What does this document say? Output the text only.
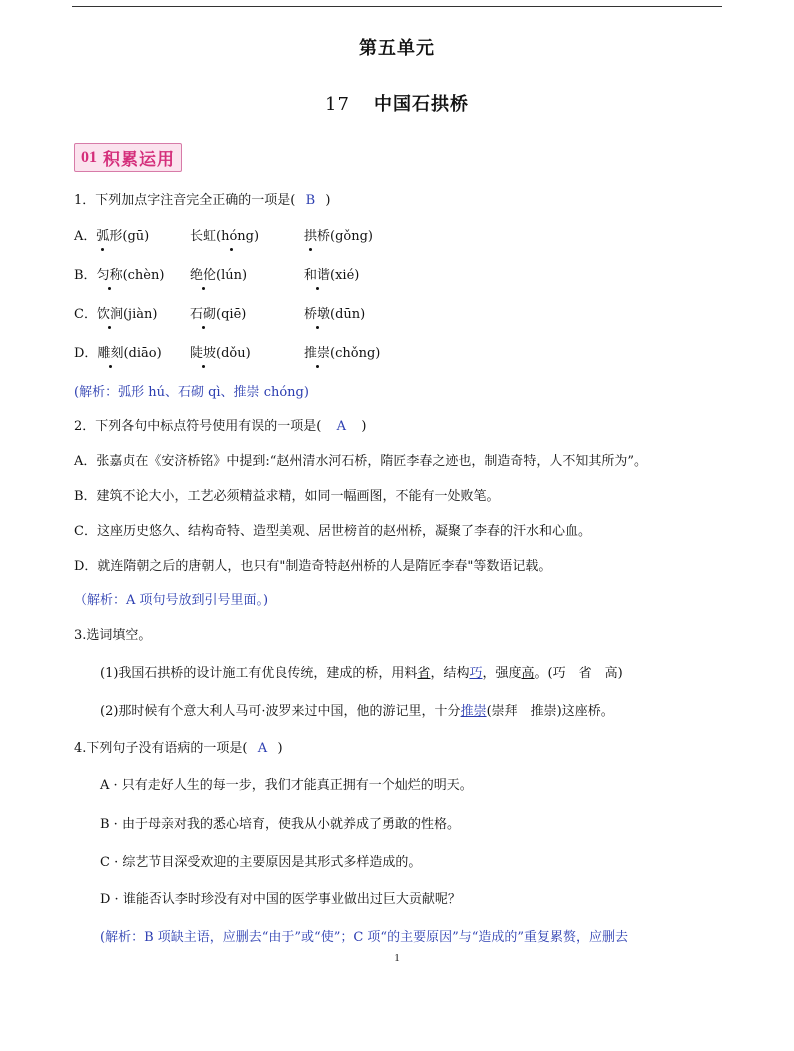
第五单元
17 中国石拱桥
01 积累运用
1．下列加点字注音完全正确的一项是( B )
A．弧形(gū)	长虹(hóng)	拱桥(gǒng)
B．匀称(chèn) 绝伦(lún)	和谐(xié)
C．饮涧(jiàn)	石砌(qiē)	桥墩(dūn)
D．雕刻(diāo) 陡坡(dǒu)	推崇(chǒng)
(解析：弧形 hú、石砌 qì、推崇 chóng)
2．下列各句中标点符号使用有误的一项是( A )
A．张嘉贞在《安济桥铭》中提到:“赵州清水河石桥，隋匠李春之迹也，制造奇特，人不知其所为”。
B．建筑不论大小，工艺必须精益求精，如同一幅画图，不能有一处败笔。
C．这座历史悠久、结构奇特、造型美观、居世榜首的赵州桥，凝聚了李春的汗水和心血。
D．就连隋朝之后的唐朝人，也只有"制造奇特赵州桥的人是隋匠李春"等数语记载。
（解析：A 项句号放到引号里面。)
3.选词填空。
(1)我国石拱桥的设计施工有优良传统，建成的桥，用料省，结构巧，强度高。(巧　省　高)
(2)那时候有个意大利人马可·波罗来过中国，他的游记里，十分推崇(崇拜　推崇)这座桥。
4.下列句子没有语病的一项是( A )
A · 只有走好人生的每一步，我们才能真正拥有一个灿烂的明天。
B · 由于母亲对我的悉心培育，使我从小就养成了勇敢的性格。
C · 综艺节目深受欢迎的主要原因是其形式多样造成的。
D · 谁能否认李时珍没有对中国的医学事业做出过巨大贡献呢？
(解析：B 项缺主语，应删去“由于”或“使”；C 项“的主要原因”与“造成的”重复累赘，应删去
1
